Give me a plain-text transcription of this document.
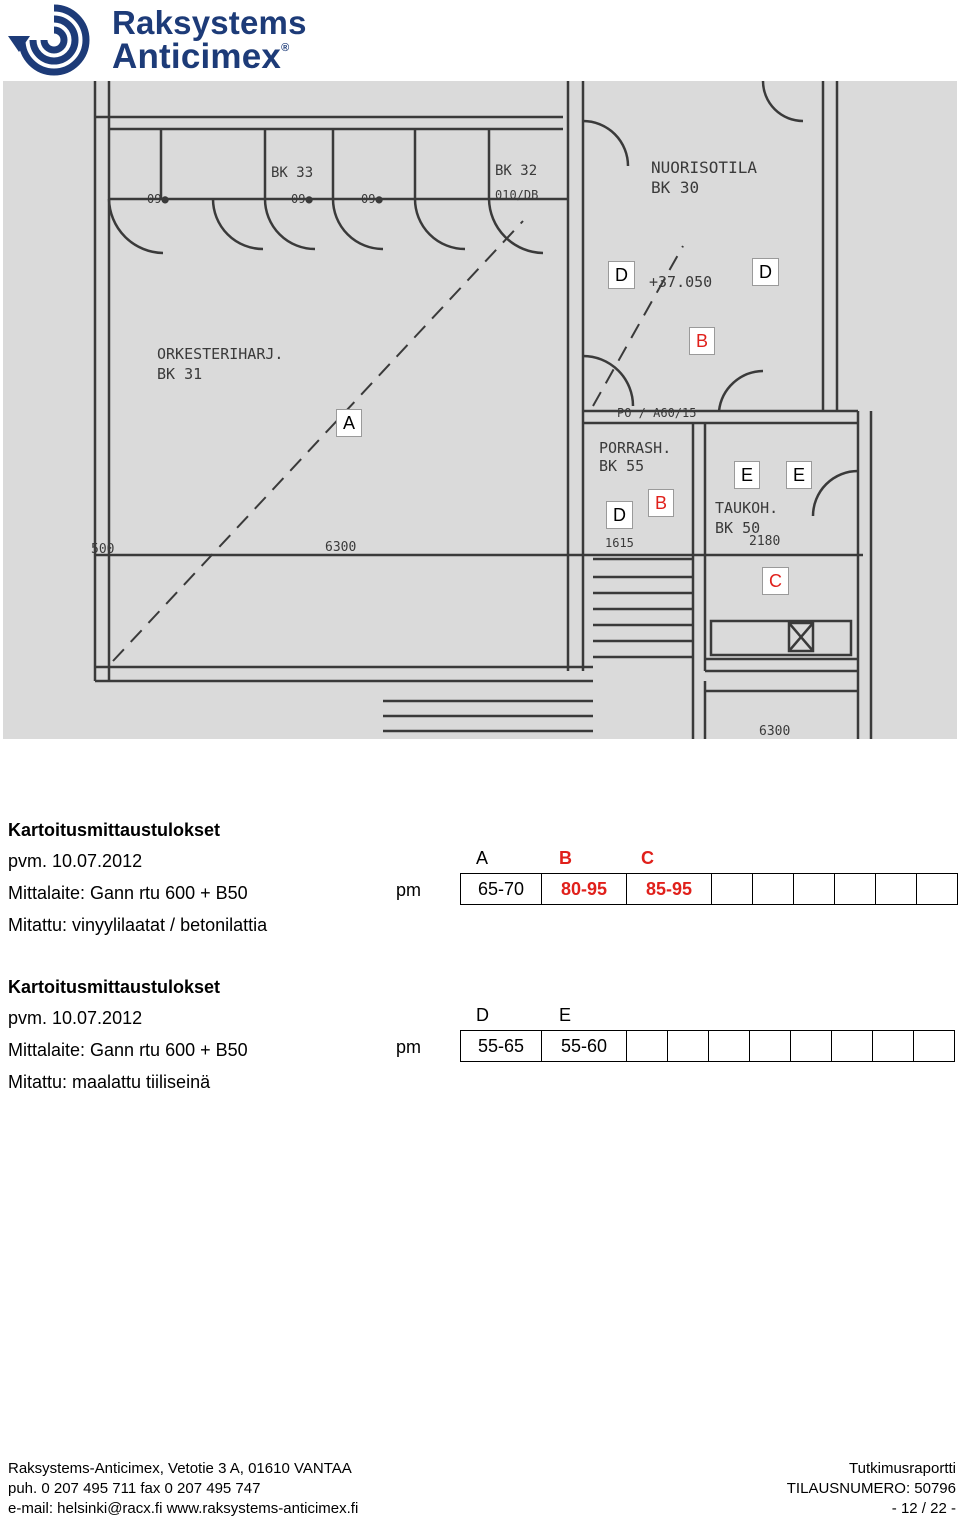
Raksystems
Anticimex®
BK 33	BK 32
09●	09●	09●	010/DB
NUORISOTILA
BK 30
+37.050
ORKESTERIHARJ.
BK 31
PO / A60/15
PORRASH.
BK 55
TAUKOH.
BK 50
6300
500	1615	2180
6300
D	D
B
A
E	E
D
B
C
Kartoitusmittaustulokset
pvm. 10.07.2012
Mittalaite: Gann rtu 600 + B50
Mitattu: vinyylilaatat / betonilattia
pm
A	B	C
65-70	80-95	85-95						
Kartoitusmittaustulokset
pvm. 10.07.2012
Mittalaite: Gann rtu 600 + B50
Mitattu: maalattu tiiliseinä
pm
D	E
55-65	55-60								
Raksystems-Anticimex, Vetotie 3 A, 01610 VANTAA
puh. 0 207 495 711 fax 0 207 495 747
e-mail: helsinki@racx.fi www.raksystems-anticimex.fi
Tutkimusraportti
TILAUSNUMERO: 50796
- 12 / 22 -
